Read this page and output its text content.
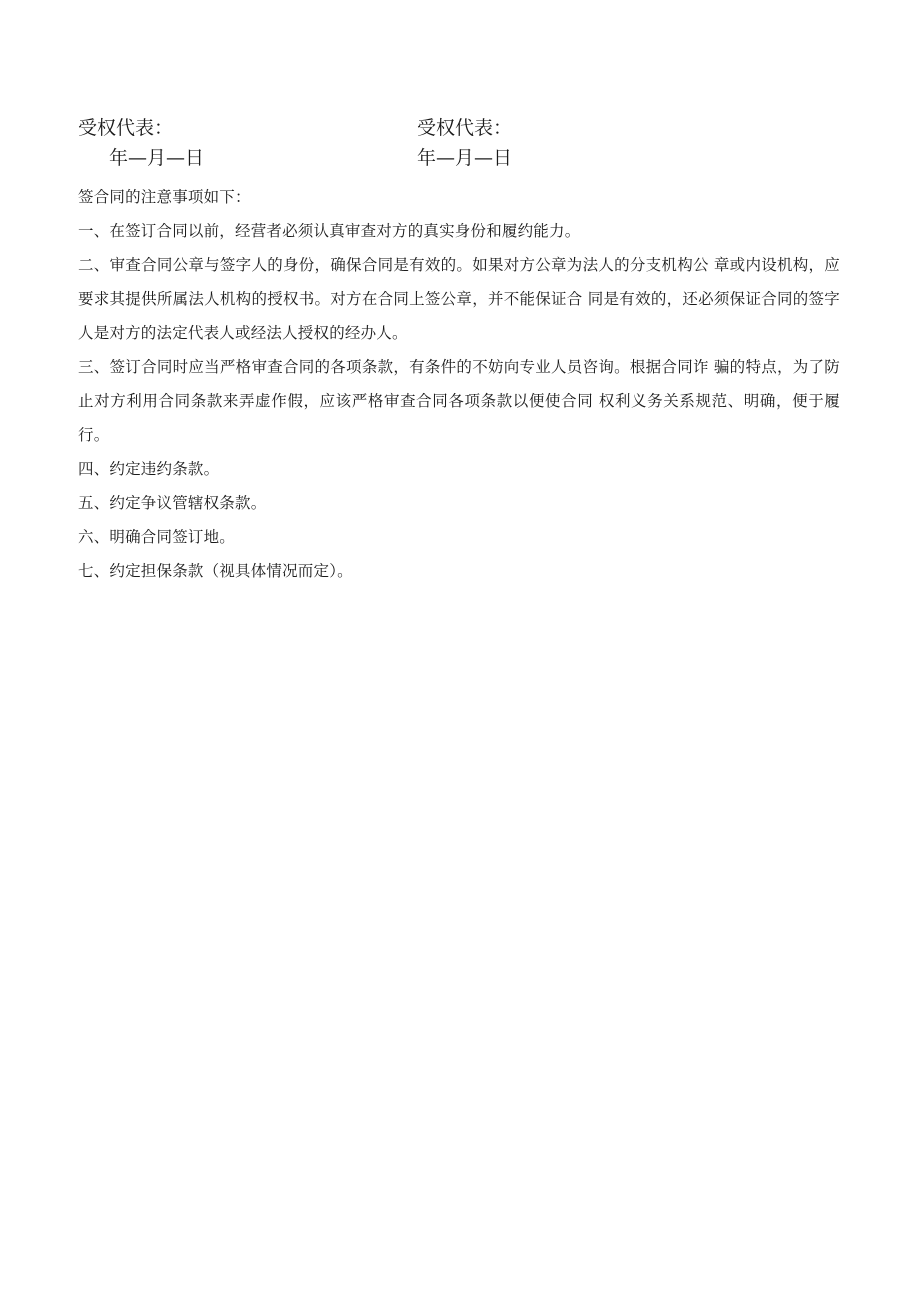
受权代表：	受权代表：
年—月—日	年—月—日

签合同的注意事项如下：

一、在签订合同以前，经营者必须认真审查对方的真实身份和履约能力。

二、审查合同公章与签字人的身份，确保合同是有效的。如果对方公章为法人的分支机构公 章或内设机构，应要求其提供所属法人机构的授权书。对方在合同上签公章，并不能保证合 同是有效的，还必须保证合同的签字人是对方的法定代表人或经法人授权的经办人。

三、签订合同时应当严格审查合同的各项条款，有条件的不妨向专业人员咨询。根据合同诈 骗的特点，为了防止对方利用合同条款来弄虚作假，应该严格审查合同各项条款以便使合同 权利义务关系规范、明确，便于履行。

四、约定违约条款。

五、约定争议管辖权条款。

六、明确合同签订地。

七、约定担保条款（视具体情况而定）。
